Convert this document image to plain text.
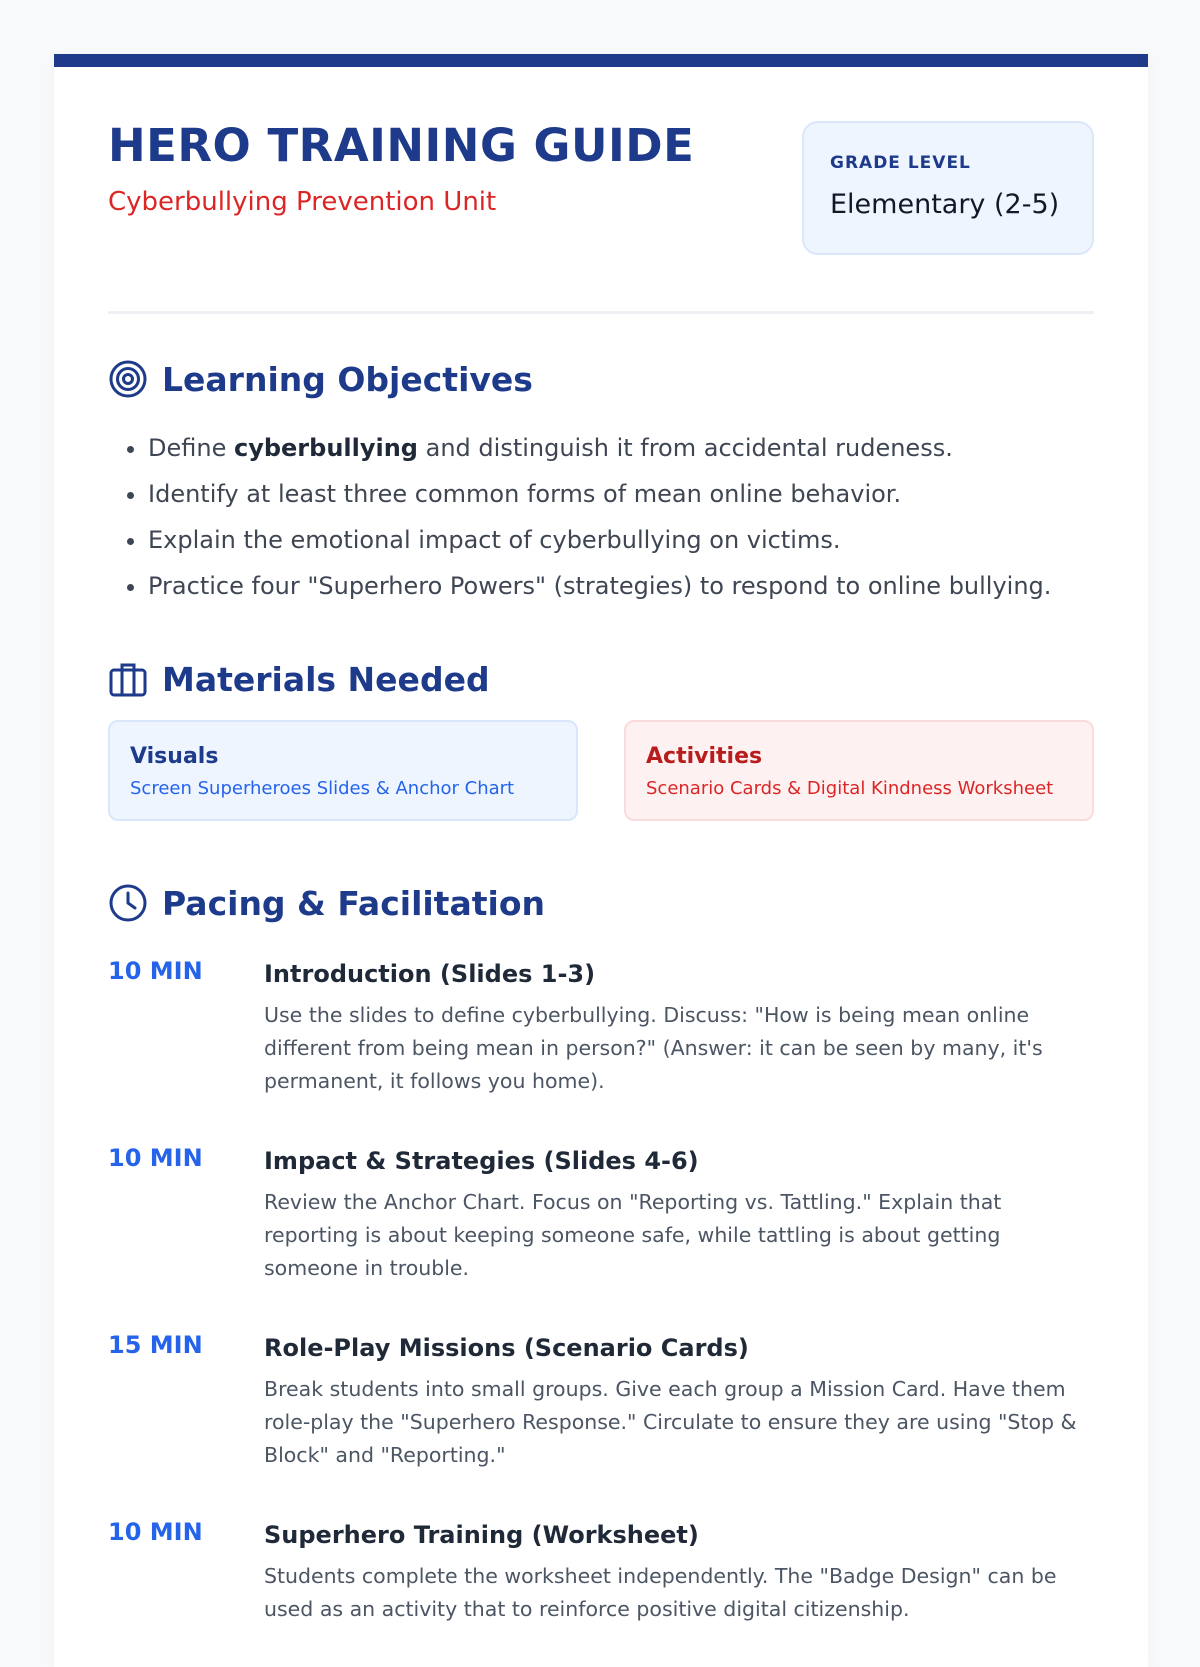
HERO TRAINING GUIDE
Cyberbullying Prevention Unit
GRADE LEVEL
Elementary (2-5)
Learning Objectives
• Define cyberbullying and distinguish it from accidental rudeness.
• Identify at least three common forms of mean online behavior.
• Explain the emotional impact of cyberbullying on victims.
• Practice four "Superhero Powers" (strategies) to respond to online bullying.
Materials Needed
Visuals
Screen Superheroes Slides & Anchor Chart
Activities
Scenario Cards & Digital Kindness Worksheet
Pacing & Facilitation
10 MIN	Introduction (Slides 1-3)
Use the slides to define cyberbullying. Discuss: "How is being mean online different from being mean in person?" (Answer: it can be seen by many, it's permanent, it follows you home).
10 MIN	Impact & Strategies (Slides 4-6)
Review the Anchor Chart. Focus on "Reporting vs. Tattling." Explain that reporting is about keeping someone safe, while tattling is about getting someone in trouble.
15 MIN	Role-Play Missions (Scenario Cards)
Break students into small groups. Give each group a Mission Card. Have them role-play the "Superhero Response." Circulate to ensure they are using "Stop & Block" and "Reporting."
10 MIN	Superhero Training (Worksheet)
Students complete the worksheet independently. The "Badge Design" can be used as an activity that to reinforce positive digital citizenship.
